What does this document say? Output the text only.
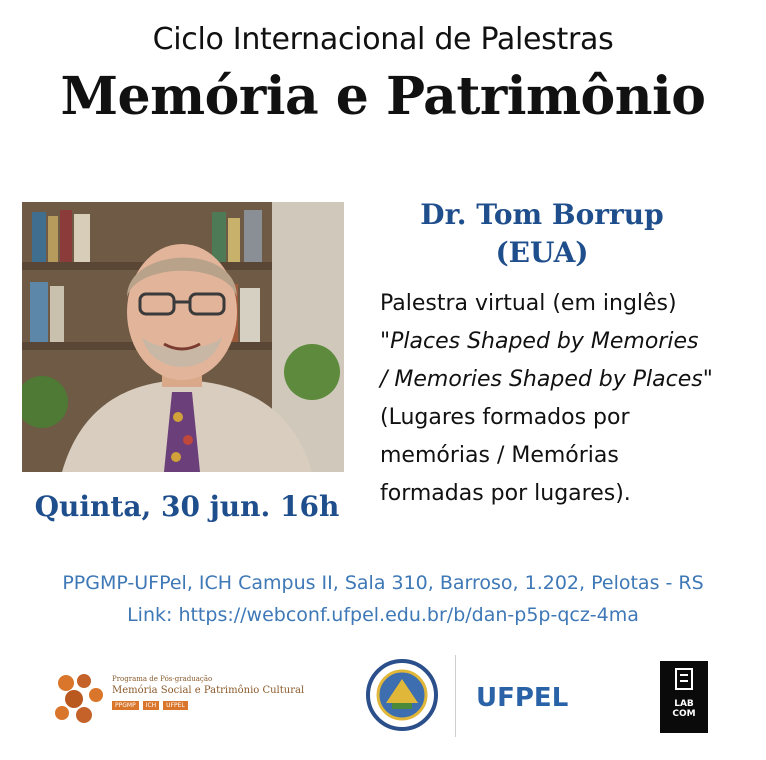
Ciclo Internacional de Palestras
Memória e Patrimônio
Dr. Tom Borrup
(EUA)
Palestra virtual (em inglês)
"Places Shaped by Memories
/ Memories Shaped by Places"
(Lugares formados por
memórias / Memórias
formadas por lugares).
Quinta, 30 jun. 16h
PPGMP-UFPel, ICH Campus II, Sala 310, Barroso, 1.202, Pelotas - RS
Link: https://webconf.ufpel.edu.br/b/dan-p5p-qcz-4ma
Programa de Pós-graduação
Memória Social e Patrimônio Cultural
PPGMP	ICH	UFPEL	UFPEL	LAB
COM
